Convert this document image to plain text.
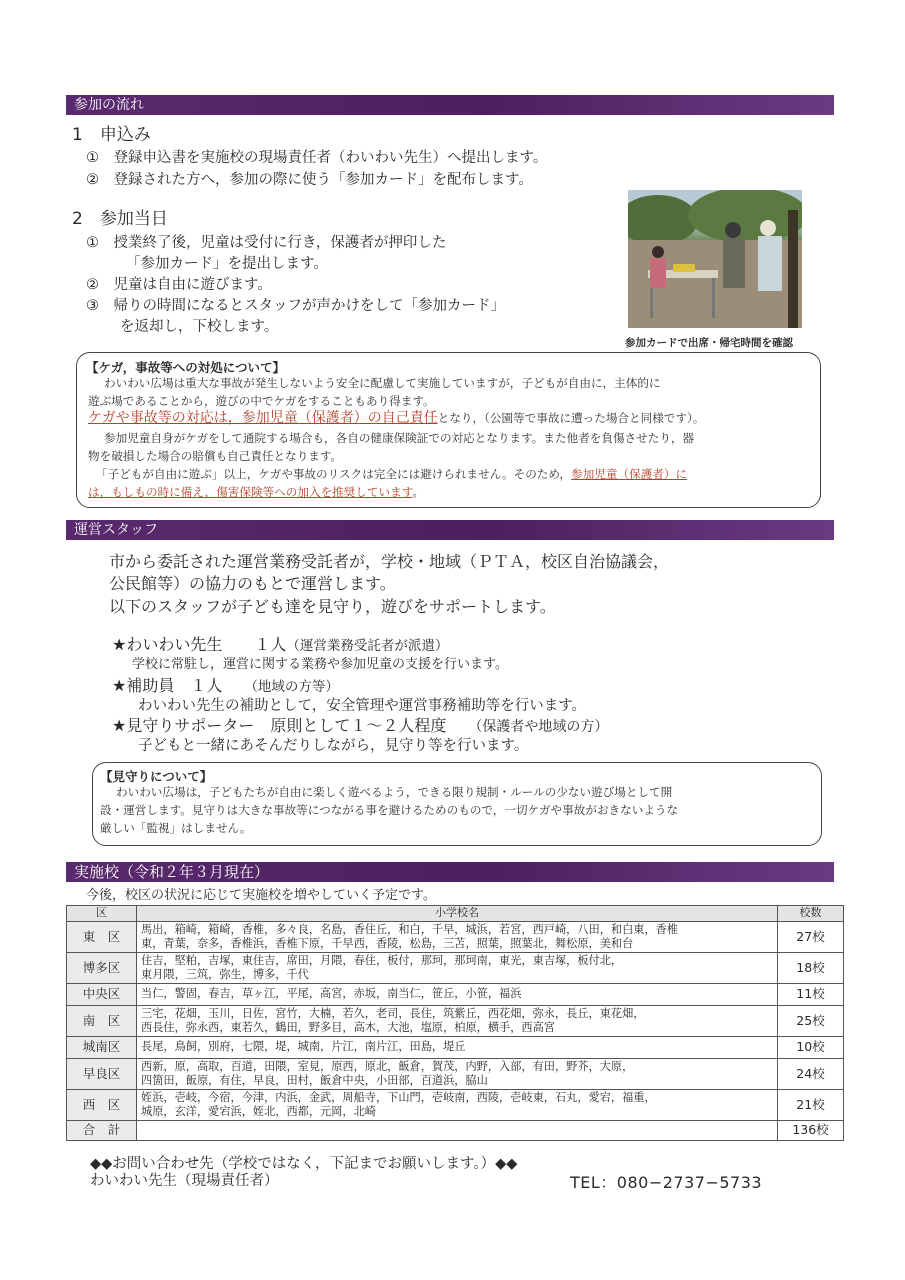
参加の流れ
1　申込み
①　登録申込書を実施校の現場責任者（わいわい先生）へ提出します。
②　登録された方へ，参加の際に使う「参加カード」を配布します。
2　参加当日
①　授業終了後，児童は受付に行き，保護者が押印した
「参加カード」を提出します。
②　児童は自由に遊びます。
③　帰りの時間になるとスタッフが声かけをして「参加カード」
を返却し，下校します。
参加カードで出席・帰宅時間を確認
【ケガ，事故等への対処について】
わいわい広場は重大な事故が発生しないよう安全に配慮して実施していますが，子どもが自由に，主体的に
遊ぶ場であることから，遊びの中でケガをすることもあり得ます。
ケガや事故等の対応は，参加児童（保護者）の自己責任となり，（公園等で事故に遭った場合と同様です）。
参加児童自身がケガをして通院する場合も，各自の健康保険証での対応となります。また他者を負傷させたり，器
物を破損した場合の賠償も自己責任となります。
「子どもが自由に遊ぶ」以上，ケガや事故のリスクは完全には避けられません。そのため，参加児童（保護者）に
は，もしもの時に備え，傷害保険等への加入を推奨しています。
運営スタッフ
市から委託された運営業務受託者が，学校・地域（ＰＴＡ，校区自治協議会，
公民館等）の協力のもとで運営します。
以下のスタッフが子ども達を見守り，遊びをサポートします。
★わいわい先生　　１人（運営業務受託者が派遣）
学校に常駐し，運営に関する業務や参加児童の支援を行います。
★補助員　１人 （地域の方等）
わいわい先生の補助として，安全管理や運営事務補助等を行います。
★見守りサポーター　原則として１～２人程度 （保護者や地域の方）
子どもと一緒にあそんだりしながら，見守り等を行います。
【見守りについて】
わいわい広場は，子どもたちが自由に楽しく遊べるよう，できる限り規制・ルールの少ない遊び場として開
設・運営します。見守りは大きな事故等につながる事を避けるためのもので，一切ケガや事故がおきないような
厳しい「監視」はしません。
実施校（令和２年３月現在）
今後，校区の状況に応じて実施校を増やしていく予定です。
区	小学校名	校数
東　区	馬出，箱崎，箱崎，香椎，多々良，名島，香住丘，和白，千早，城浜，若宮，西戸崎，八田，和白東，香椎
東，青葉，奈多，香椎浜，香椎下原，千早西，香陵，松島，三苫，照葉，照葉北，舞松原，美和台	27校
博多区	住吉，堅粕，吉塚，東住吉，席田，月隈，春住，板付，那珂，那珂南，東光，東吉塚，板付北，
東月隈，三筑，弥生，博多，千代	18校
中央区	当仁，警固，春吉，草ヶ江，平尾，高宮，赤坂，南当仁，笹丘，小笹，福浜	11校
南　区	三宅，花畑，玉川，日佐，宮竹，大楠，若久，老司，長住，筑紫丘，西花畑，弥永，長丘，東花畑，
西長住，弥永西，東若久，鶴田，野多目，高木，大池，塩原，柏原，横手，西高宮	25校
城南区	長尾，鳥飼，別府，七隈，堤，城南，片江，南片江，田島，堤丘	10校
早良区	西新，原，高取，百道，田隈，室見，原西，原北，飯倉，賀茂，内野，入部，有田，野芥，大原，
四箇田，飯原，有住，早良，田村，飯倉中央，小田部，百道浜，脇山	24校
西　区	姪浜，壱岐，今宿，今津，内浜，金武，周船寺，下山門，壱岐南，西陵，壱岐東，石丸，愛宕，福重，
城原，玄洋，愛宕浜，姪北，西都，元岡，北崎	21校
合　計		136校
◆◆お問い合わせ先（学校ではなく，下記までお願いします。）◆◆
わいわい先生（現場責任者）	TEL：080−2737−5733
